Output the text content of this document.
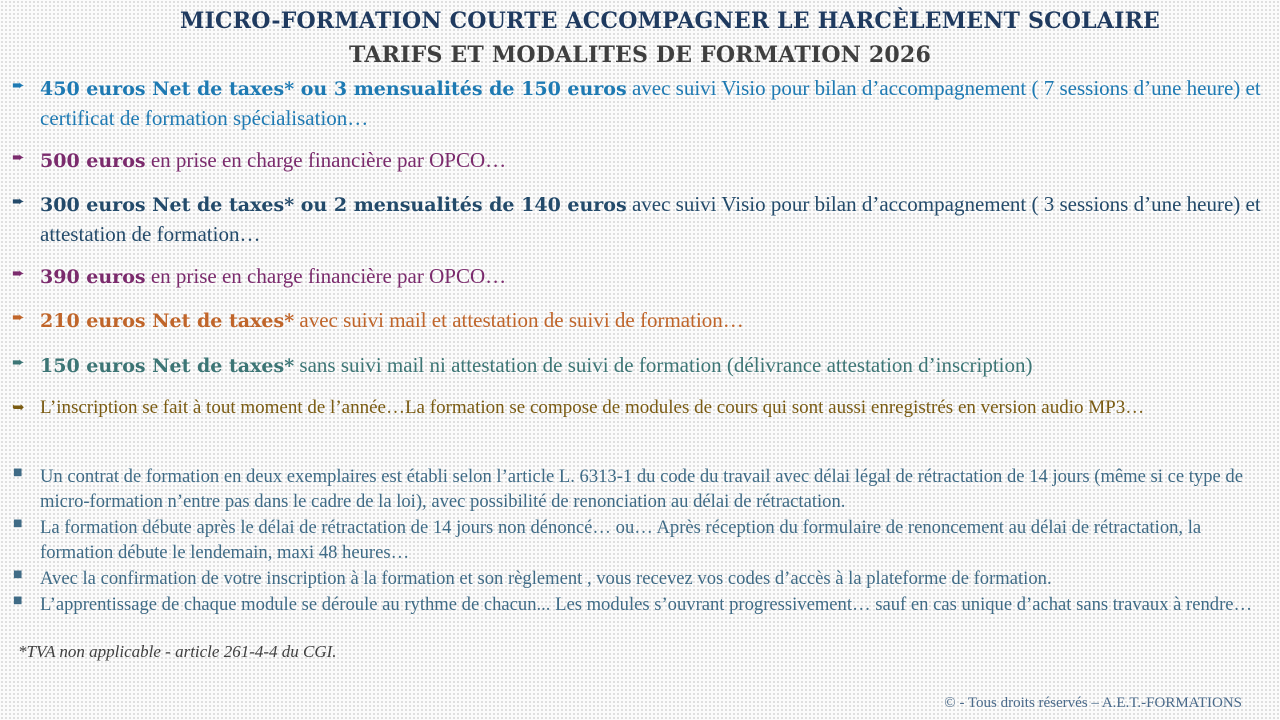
MICRO-FORMATION COURTE ACCOMPAGNER LE HARCÈLEMENT SCOLAIRE
TARIFS ET MODALITES DE FORMATION 2026
➨ 450 euros Net de taxes* ou 3 mensualités de 150 euros avec suivi Visio pour bilan d’accompagnement ( 7 sessions d’une heure) et certificat de formation spécialisation…
➨ 500 euros en prise en charge financière par OPCO…
➨ 300 euros Net de taxes* ou 2 mensualités de 140 euros avec suivi Visio pour bilan d’accompagnement ( 3 sessions d’une heure) et attestation de formation…
➨ 390 euros en prise en charge financière par OPCO…
➨ 210 euros Net de taxes* avec suivi mail et attestation de suivi de formation…
➨ 150 euros Net de taxes* sans suivi mail ni attestation de suivi de formation (délivrance attestation d’inscription)
➥ L’inscription se fait à tout moment de l’année…La formation se compose de modules de cours qui sont aussi enregistrés en version audio MP3…
■ Un contrat de formation en deux exemplaires est établi selon l’article L. 6313-1 du code du travail avec délai légal de rétractation de 14 jours (même si ce type de micro-formation n’entre pas dans le cadre de la loi), avec possibilité de renonciation au délai de rétractation.
■ La formation débute après le délai de rétractation de 14 jours non dénoncé… ou… Après réception du formulaire de renoncement au délai de rétractation, la formation débute le lendemain, maxi 48 heures…
■ Avec la confirmation de votre inscription à la formation et son règlement , vous recevez vos codes d’accès à la plateforme de formation.
■ L’apprentissage de chaque module se déroule au rythme de chacun... Les modules s’ouvrant progressivement… sauf en cas unique d’achat sans travaux à rendre…
*TVA non applicable - article 261-4-4 du CGI.
© - Tous droits réservés – A.E.T.-FORMATIONS
